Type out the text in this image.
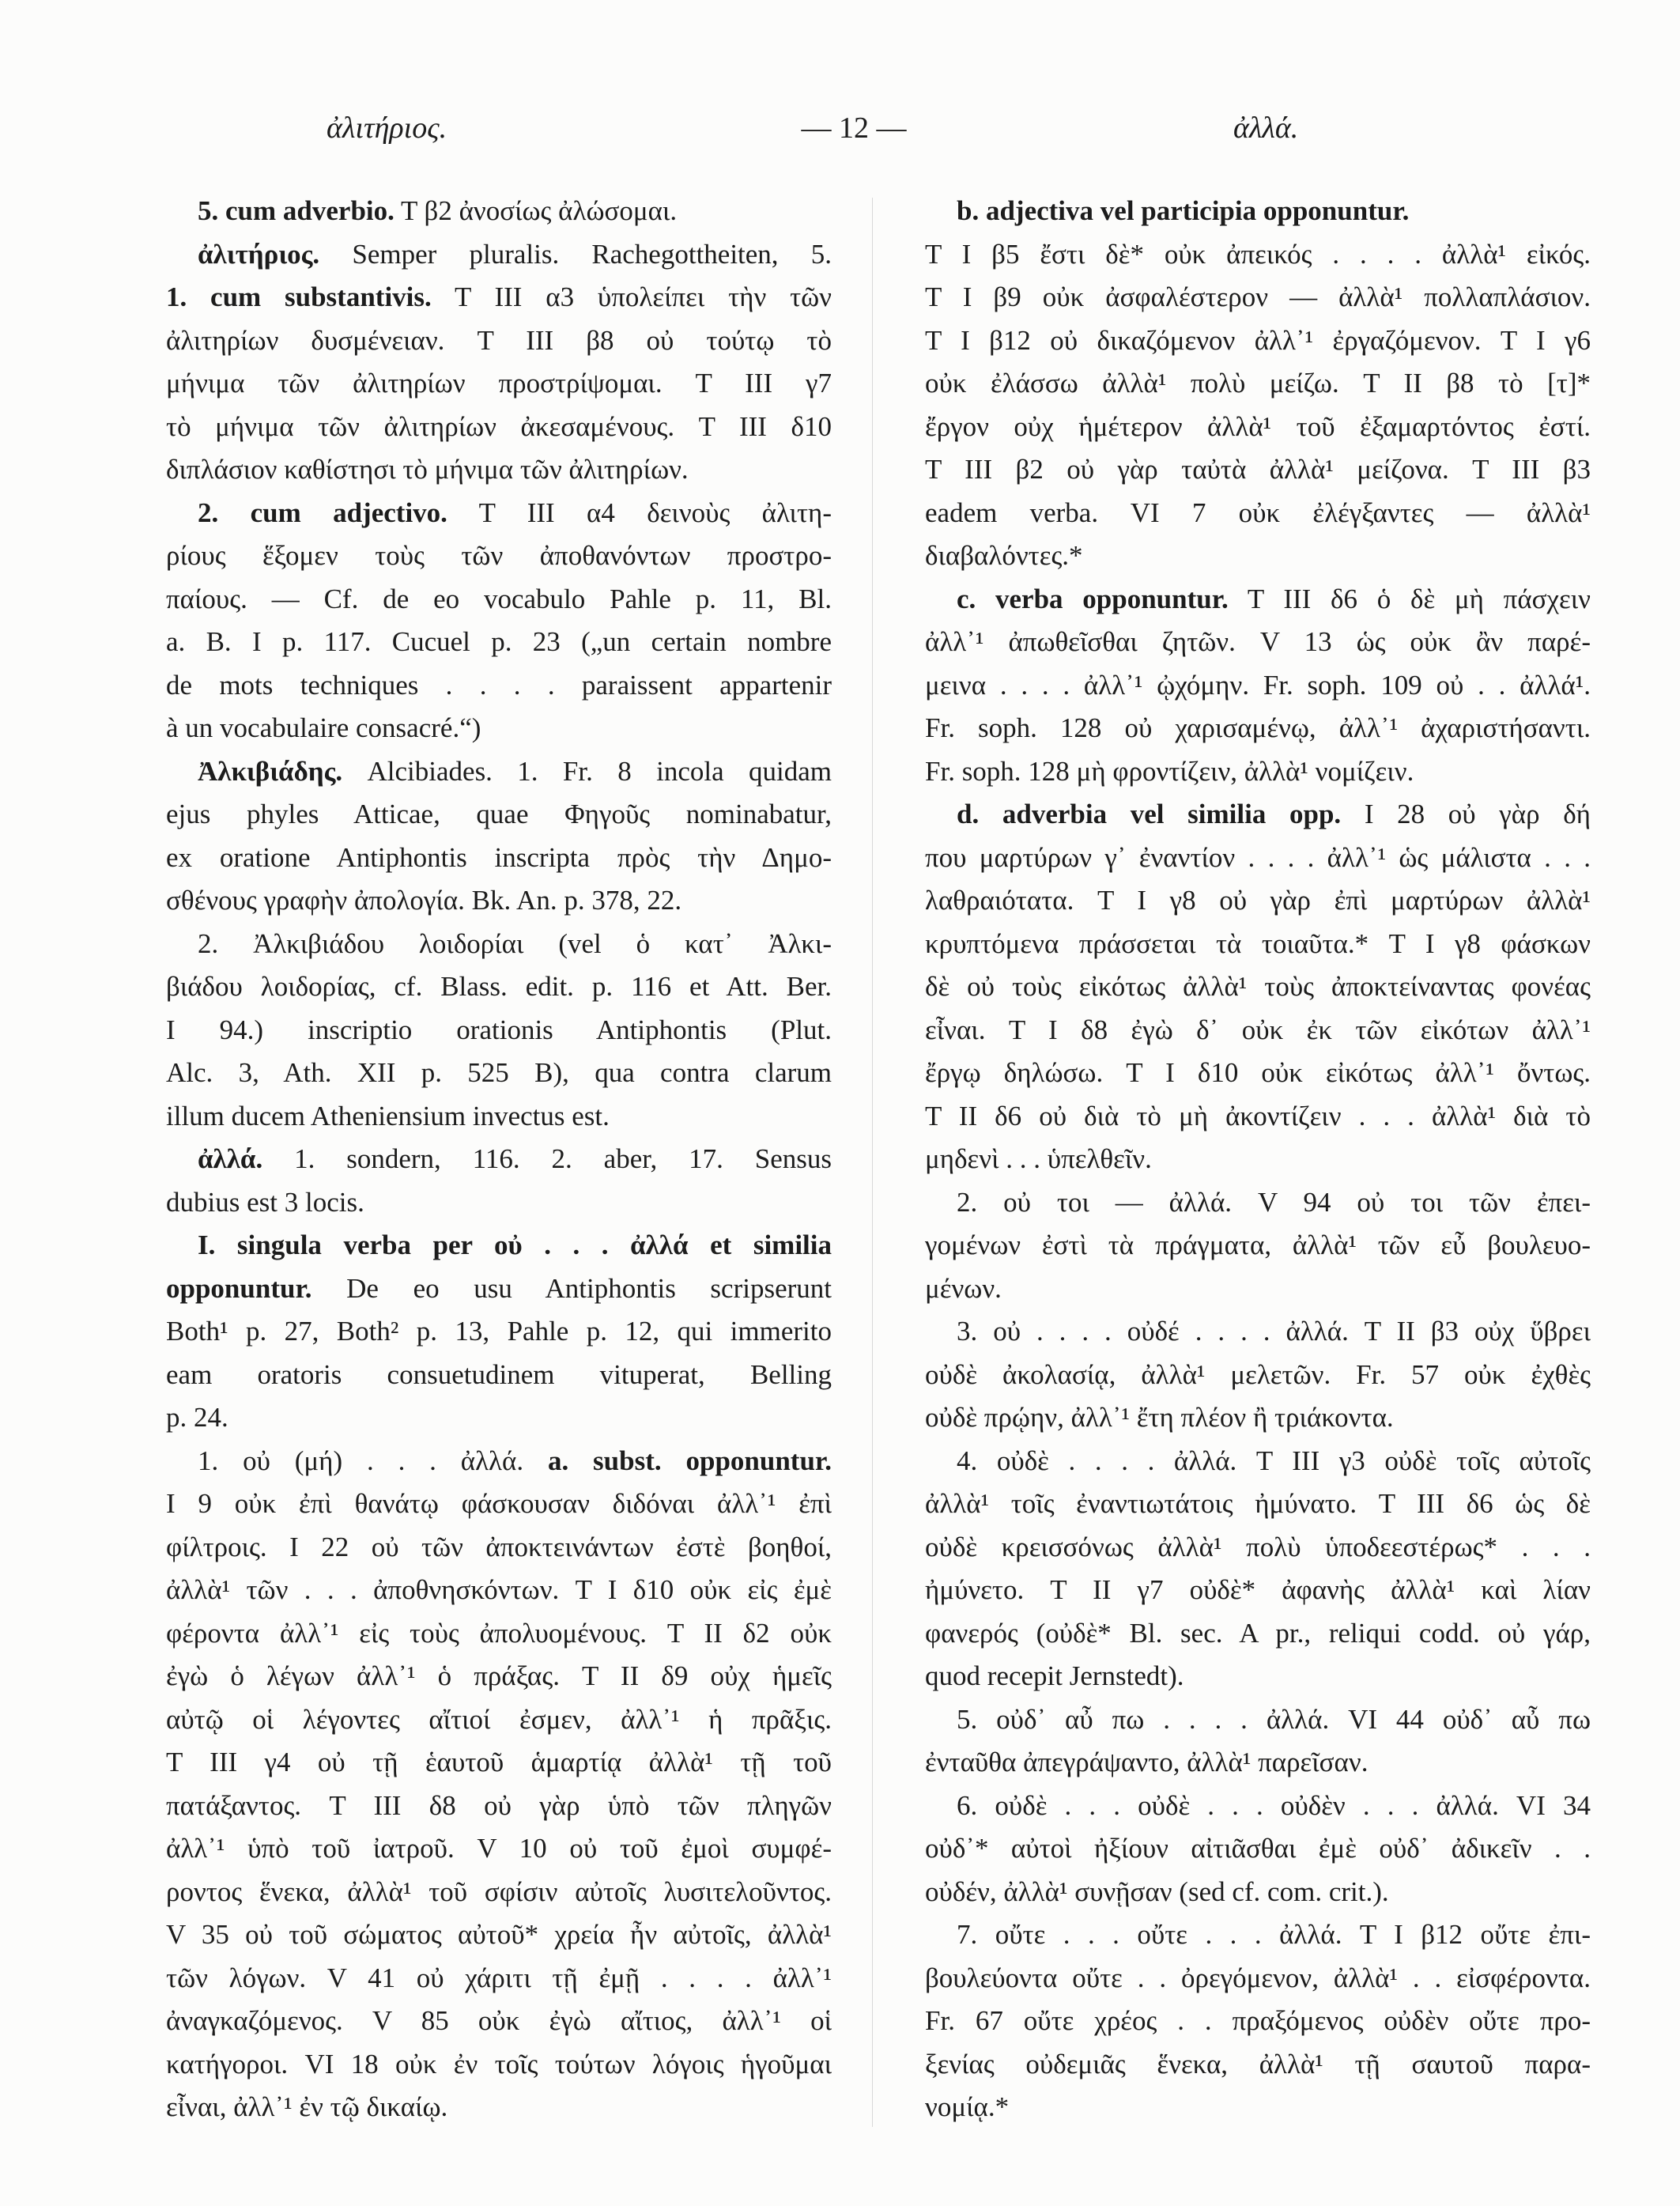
ἀλιτήριος.	— 12 —	ἀλλά.
5. cum adverbio. T β2 ἀνοσίως ἀλώσομαι.
ἀλιτήριος. Semper pluralis. Rachegottheiten, 5.
1. cum substantivis. T III α3 ὑπολείπει τὴν τῶν
ἀλιτηρίων δυσμένειαν. T III β8 οὐ τούτῳ τὸ
μήνιμα τῶν ἀλιτηρίων προστρίψομαι. T III γ7
τὸ μήνιμα τῶν ἀλιτηρίων ἀκεσαμένους. T III δ10
διπλάσιον καθίστησι τὸ μήνιμα τῶν ἀλιτηρίων.
2. cum adjectivo. T III α4 δεινοὺς ἀλιτη-
ρίους ἕξομεν τοὺς τῶν ἀποθανόντων προστρο-
παίους. — Cf. de eo vocabulo Pahle p. 11, Bl.
a. B. I p. 117. Cucuel p. 23 („un certain nombre
de mots techniques . . . . paraissent appartenir
à un vocabulaire consacré.“)
Ἀλκιβιάδης. Alcibiades. 1. Fr. 8 incola quidam
ejus phyles Atticae, quae Φηγοῦς nominabatur,
ex oratione Antiphontis inscripta πρὸς τὴν Δημο-
σθένους γραφὴν ἀπολογία. Bk. An. p. 378, 22.
2. Ἀλκιβιάδου λοιδορίαι (vel ὁ κατ᾽ Ἀλκι-
βιάδου λοιδορίας, cf. Blass. edit. p. 116 et Att. Ber.
I 94.) inscriptio orationis Antiphontis (Plut.
Alc. 3, Ath. XII p. 525 B), qua contra clarum
illum ducem Atheniensium invectus est.
ἀλλά. 1. sondern, 116. 2. aber, 17. Sensus
dubius est 3 locis.
I. singula verba per οὐ . . . ἀλλά et similia
opponuntur. De eo usu Antiphontis scripserunt
Both¹ p. 27, Both² p. 13, Pahle p. 12, qui immerito
eam oratoris consuetudinem vituperat, Belling
p. 24.
1. οὐ (μή) . . . ἀλλά. a. subst. opponuntur.
I 9 οὐκ ἐπὶ θανάτῳ φάσκουσαν διδόναι ἀλλ᾽¹ ἐπὶ
φίλτροις. I 22 οὐ τῶν ἀποκτεινάντων ἐστὲ βοηθοί,
ἀλλὰ¹ τῶν . . . ἀποθνησκόντων. T I δ10 οὐκ εἰς ἐμὲ
φέροντα ἀλλ᾽¹ εἰς τοὺς ἀπολυομένους. T II δ2 οὐκ
ἐγὼ ὁ λέγων ἀλλ᾽¹ ὁ πράξας. T II δ9 οὐχ ἡμεῖς
αὐτῷ οἱ λέγοντες αἴτιοί ἐσμεν, ἀλλ᾽¹ ἡ πρᾶξις.
T III γ4 οὐ τῇ ἑαυτοῦ ἁμαρτίᾳ ἀλλὰ¹ τῇ τοῦ
πατάξαντος. T III δ8 οὐ γὰρ ὑπὸ τῶν πληγῶν
ἀλλ᾽¹ ὑπὸ τοῦ ἰατροῦ. V 10 οὐ τοῦ ἐμοὶ συμφέ-
ροντος ἕνεκα, ἀλλὰ¹ τοῦ σφίσιν αὐτοῖς λυσιτελοῦντος.
V 35 οὐ τοῦ σώματος αὐτοῦ* χρεία ἦν αὐτοῖς, ἀλλὰ¹
τῶν λόγων. V 41 οὐ χάριτι τῇ ἐμῇ . . . . ἀλλ᾽¹
ἀναγκαζόμενος. V 85 οὐκ ἐγὼ αἴτιος, ἀλλ᾽¹ οἱ
κατήγοροι. VI 18 οὐκ ἐν τοῖς τούτων λόγοις ἡγοῦμαι
εἶναι, ἀλλ᾽¹ ἐν τῷ δικαίῳ.
b. adjectiva vel participia opponuntur.
T I β5 ἔστι δὲ* οὐκ ἀπεικός . . . . ἀλλὰ¹ εἰκός.
T I β9 οὐκ ἀσφαλέστερον — ἀλλὰ¹ πολλαπλάσιον.
T I β12 οὐ δικαζόμενον ἀλλ᾽¹ ἐργαζόμενον. T I γ6
οὐκ ἐλάσσω ἀλλὰ¹ πολὺ μείζω. T II β8 τὸ [τ]*
ἔργον οὐχ ἡμέτερον ἀλλὰ¹ τοῦ ἐξαμαρτόντος ἐστί.
T III β2 οὐ γὰρ ταὐτὰ ἀλλὰ¹ μείζονα. T III β3
eadem verba. VI 7 οὐκ ἐλέγξαντες — ἀλλὰ¹
διαβαλόντες.*
c. verba opponuntur. T III δ6 ὁ δὲ μὴ πάσχειν
ἀλλ᾽¹ ἀπωθεῖσθαι ζητῶν. V 13 ὡς οὐκ ἂν παρέ-
μεινα . . . . ἀλλ᾽¹ ᾠχόμην. Fr. soph. 109 οὐ . . ἀλλά¹.
Fr. soph. 128 οὐ χαρισαμένῳ, ἀλλ᾽¹ ἀχαριστήσαντι.
Fr. soph. 128 μὴ φροντίζειν, ἀλλὰ¹ νομίζειν.
d. adverbia vel similia opp. I 28 οὐ γὰρ δή
που μαρτύρων γ᾽ ἐναντίον . . . . ἀλλ᾽¹ ὡς μάλιστα . . .
λαθραιότατα. T I γ8 οὐ γὰρ ἐπὶ μαρτύρων ἀλλὰ¹
κρυπτόμενα πράσσεται τὰ τοιαῦτα.* T I γ8 φάσκων
δὲ οὐ τοὺς εἰκότως ἀλλὰ¹ τοὺς ἀποκτείναντας φονέας
εἶναι. T I δ8 ἐγὼ δ᾽ οὐκ ἐκ τῶν εἰκότων ἀλλ᾽¹
ἔργῳ δηλώσω. T I δ10 οὐκ εἰκότως ἀλλ᾽¹ ὄντως.
T II δ6 οὐ διὰ τὸ μὴ ἀκοντίζειν . . . ἀλλὰ¹ διὰ τὸ
μηδενὶ . . . ὑπελθεῖν.
2. οὐ τοι — ἀλλά. V 94 οὐ τοι τῶν ἐπει-
γομένων ἐστὶ τὰ πράγματα, ἀλλὰ¹ τῶν εὖ βουλευο-
μένων.
3. οὐ . . . . οὐδέ . . . . ἀλλά. T II β3 οὐχ ὕβρει
οὐδὲ ἀκολασίᾳ, ἀλλὰ¹ μελετῶν. Fr. 57 οὐκ ἐχθὲς
οὐδὲ πρῴην, ἀλλ᾽¹ ἔτη πλέον ἢ τριάκοντα.
4. οὐδὲ . . . . ἀλλά. T III γ3 οὐδὲ τοῖς αὐτοῖς
ἀλλὰ¹ τοῖς ἐναντιωτάτοις ἠμύνατο. T III δ6 ὡς δὲ
οὐδὲ κρεισσόνως ἀλλὰ¹ πολὺ ὑποδεεστέρως* . . .
ἠμύνετο. T II γ7 οὐδὲ* ἀφανὴς ἀλλὰ¹ καὶ λίαν
φανερός (οὐδὲ* Bl. sec. A pr., reliqui codd. οὐ γάρ,
quod recepit Jernstedt).
5. οὐδ᾽ αὖ πω . . . . ἀλλά. VI 44 οὐδ᾽ αὖ πω
ἐνταῦθα ἀπεγράψαντο, ἀλλὰ¹ παρεῖσαν.
6. οὐδὲ . . . οὐδὲ . . . οὐδὲν . . . ἀλλά. VI 34
οὐδ᾽* αὐτοὶ ἠξίουν αἰτιᾶσθαι ἐμὲ οὐδ᾽ ἀδικεῖν . .
οὐδέν, ἀλλὰ¹ συνῇσαν (sed cf. com. crit.).
7. οὔτε . . . οὔτε . . . ἀλλά. T I β12 οὔτε ἐπι-
βουλεύοντα οὔτε . . ὀρεγόμενον, ἀλλὰ¹ . . εἰσφέροντα.
Fr. 67 οὔτε χρέος . . πραξόμενος οὐδὲν οὔτε προ-
ξενίας οὐδεμιᾶς ἕνεκα, ἀλλὰ¹ τῇ σαυτοῦ παρα-
νομίᾳ.*
